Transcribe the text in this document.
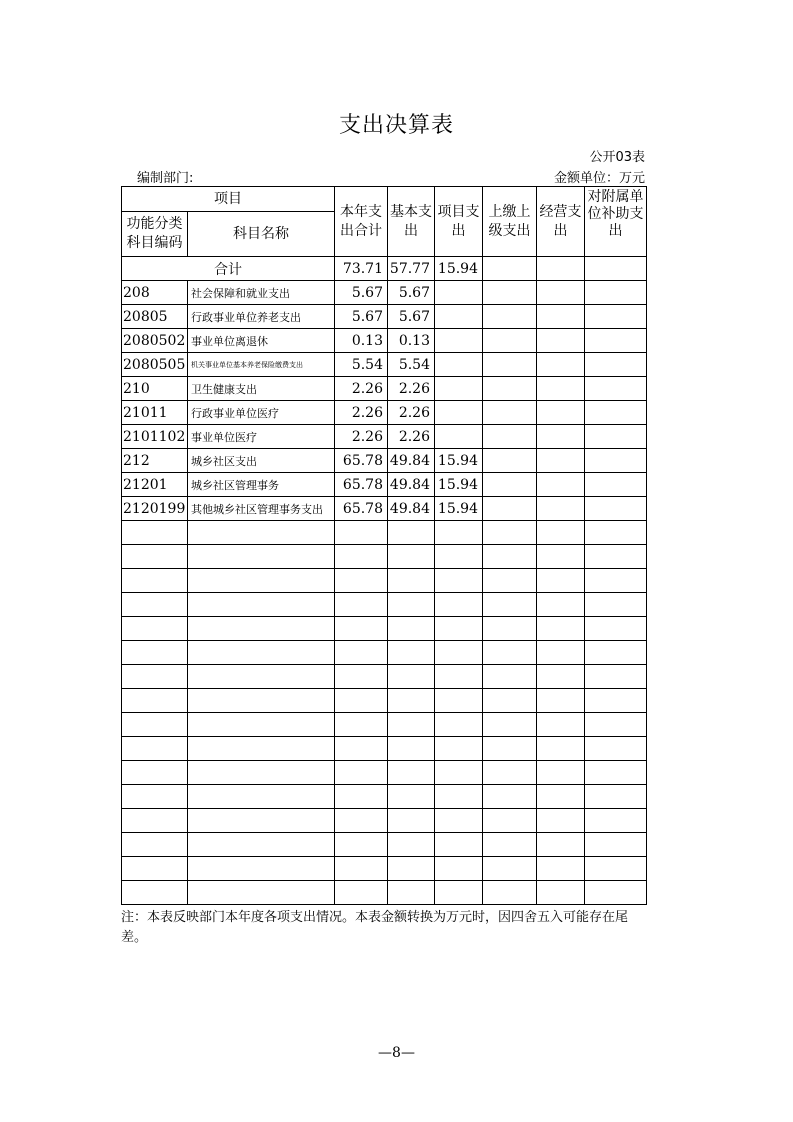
支出决算表
公开03表
编制部门:	金额单位：万元
项目		本年支出合计	基本支出	项目支出	上缴上级支出	经营支出	对附属单位补助支出

功能分类科目编码	科目名称						
合计		73.71	57.77	15.94			
208	社会保障和就业支出	5.67	5.67				
20805	行政事业单位养老支出	5.67	5.67				
2080502	事业单位离退休	0.13	0.13				
2080505	机关事业单位基本养老保险缴费支出	5.54	5.54				
210	卫生健康支出	2.26	2.26				
21011	行政事业单位医疗	2.26	2.26				
2101102	事业单位医疗	2.26	2.26				
212	城乡社区支出	65.78	49.84	15.94			
21201	城乡社区管理事务	65.78	49.84	15.94			
2120199	其他城乡社区管理事务支出	65.78	49.84	15.94			

注：本表反映部门本年度各项支出情况。本表金额转换为万元时，因四舍五入可能存在尾差。
—8—
